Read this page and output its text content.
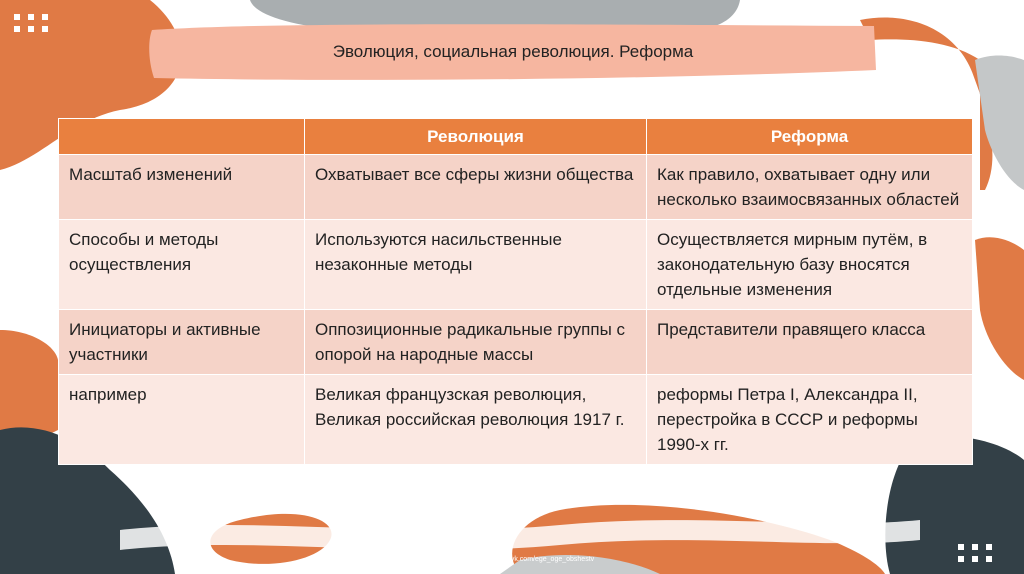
Эволюция, социальная революция. Реформа
	Революция	Реформа
Масштаб изменений	Охватывает все сферы жизни общества	Как правило, охватывает одну или несколько взаимосвязанных областей
Способы и методы осуществления	Используются насильственные незаконные методы	Осуществляется мирным путём, в законодательную базу вносятся отдельные изменения
Инициаторы и активные участники	Оппозиционные радикальные группы с опорой на народные массы	Представители правящего класса
например	Великая французская революция, Великая российская революция 1917 г.	реформы Петра I, Александра II, перестройка в СССР и реформы 1990-х гг.
Хамидуллин Б.И._https://vk.com/ege_oge_obshestv
